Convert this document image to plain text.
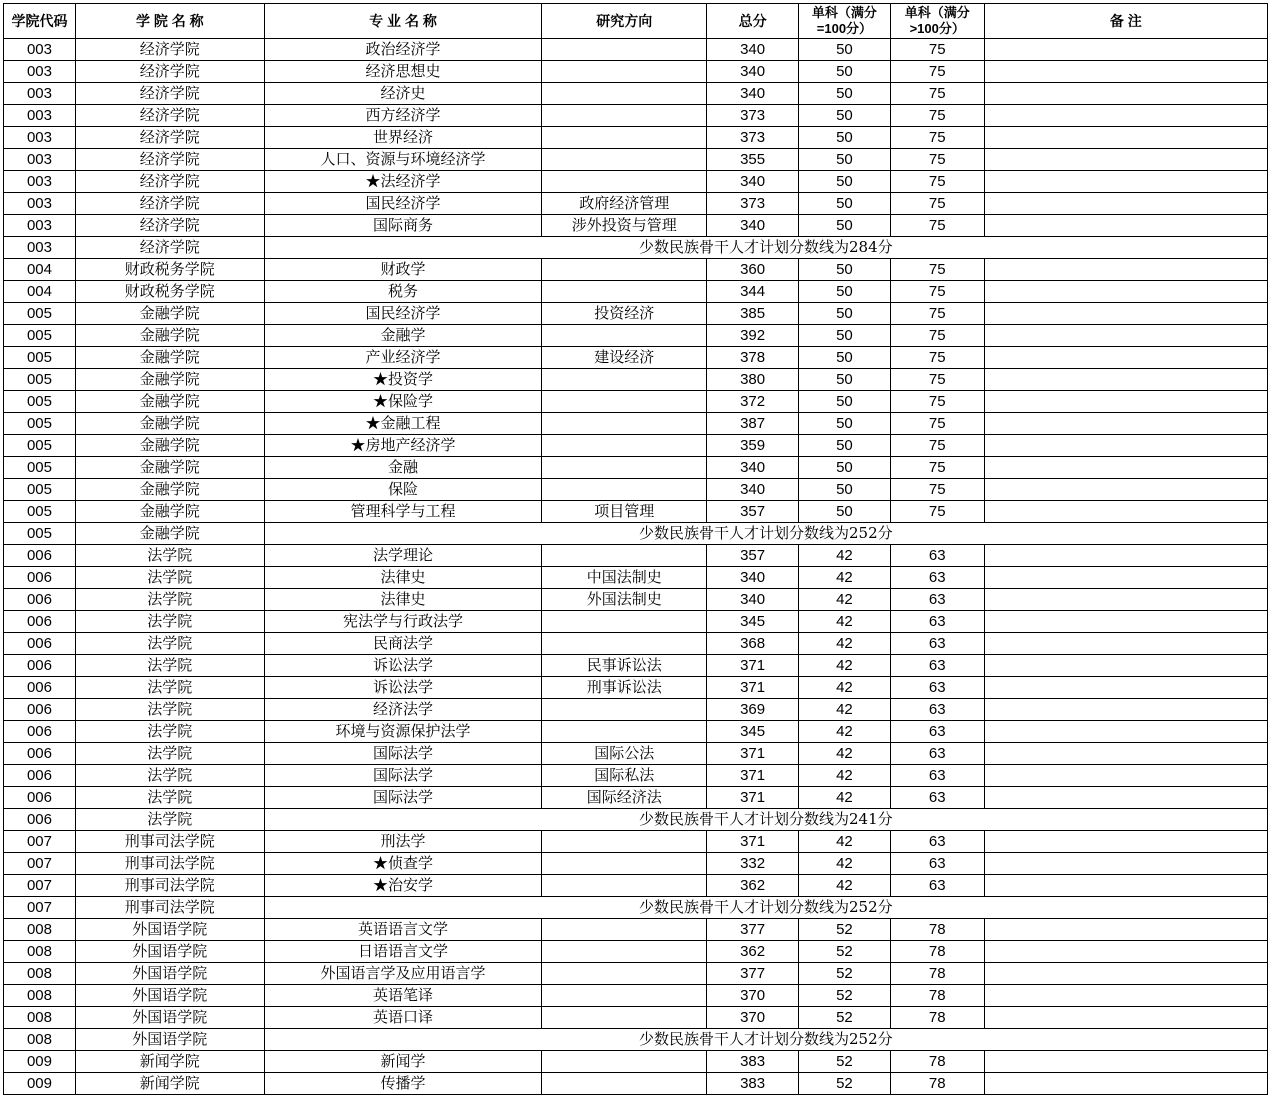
学院代码	学 院 名 称	专 业 名 称	研究方向	总分	单科（满分=100分）	单科（满分>100分）	备 注
003	经济学院	政治经济学		340	50	75	
003	经济学院	经济思想史		340	50	75	
003	经济学院	经济史		340	50	75	
003	经济学院	西方经济学		373	50	75	
003	经济学院	世界经济		373	50	75	
003	经济学院	人口、资源与环境经济学		355	50	75	
003	经济学院	★法经济学		340	50	75	
003	经济学院	国民经济学	政府经济管理	373	50	75	
003	经济学院	国际商务	涉外投资与管理	340	50	75	
003	经济学院	少数民族骨干人才计划分数线为284分					
004	财政税务学院	财政学		360	50	75	
004	财政税务学院	税务		344	50	75	
005	金融学院	国民经济学	投资经济	385	50	75	
005	金融学院	金融学		392	50	75	
005	金融学院	产业经济学	建设经济	378	50	75	
005	金融学院	★投资学		380	50	75	
005	金融学院	★保险学		372	50	75	
005	金融学院	★金融工程		387	50	75	
005	金融学院	★房地产经济学		359	50	75	
005	金融学院	金融		340	50	75	
005	金融学院	保险		340	50	75	
005	金融学院	管理科学与工程	项目管理	357	50	75	
005	金融学院	少数民族骨干人才计划分数线为252分					
006	法学院	法学理论		357	42	63	
006	法学院	法律史	中国法制史	340	42	63	
006	法学院	法律史	外国法制史	340	42	63	
006	法学院	宪法学与行政法学		345	42	63	
006	法学院	民商法学		368	42	63	
006	法学院	诉讼法学	民事诉讼法	371	42	63	
006	法学院	诉讼法学	刑事诉讼法	371	42	63	
006	法学院	经济法学		369	42	63	
006	法学院	环境与资源保护法学		345	42	63	
006	法学院	国际法学	国际公法	371	42	63	
006	法学院	国际法学	国际私法	371	42	63	
006	法学院	国际法学	国际经济法	371	42	63	
006	法学院	少数民族骨干人才计划分数线为241分					
007	刑事司法学院	刑法学		371	42	63	
007	刑事司法学院	★侦查学		332	42	63	
007	刑事司法学院	★治安学		362	42	63	
007	刑事司法学院	少数民族骨干人才计划分数线为252分					
008	外国语学院	英语语言文学		377	52	78	
008	外国语学院	日语语言文学		362	52	78	
008	外国语学院	外国语言学及应用语言学		377	52	78	
008	外国语学院	英语笔译		370	52	78	
008	外国语学院	英语口译		370	52	78	
008	外国语学院	少数民族骨干人才计划分数线为252分					
009	新闻学院	新闻学		383	52	78	
009	新闻学院	传播学		383	52	78	
